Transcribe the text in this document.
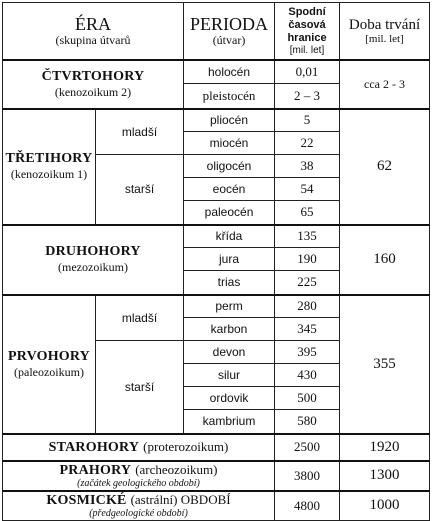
ÉRA
(skupina útvarů		PERIODA
(útvar)	Spodní
časová
hranice
[mil. let]	Doba trvání
[mil. let]

ČTVRTOHORY
(kenozoikum 2)		holocén	0,01	cca 2 - 3
		pleistocén	2 – 3	

TŘETIHORY
(kenozoikum 1)	mladší	pliocén	5	62
		miocén	22	
	starší	oligocén	38	
		eocén	54	
		paleocén	65	

DRUHOHORY
(mezozoikum)		křída	135	160
		jura	190	
		trias	225	

PRVOHORY
(paleozoikum)	mladší	perm	280	355
		karbon	345	
	starší	devon	395	
		silur	430	
		ordovik	500	
		kambrium	580	
STAROHORY (proterozoikum)			2500	1920

PRAHORY (archeozoikum)
(začátek geologického období)			3800	1300

KOSMICKÉ (astrální) OBDOBÍ
(předgeologické období)			4800	1000
